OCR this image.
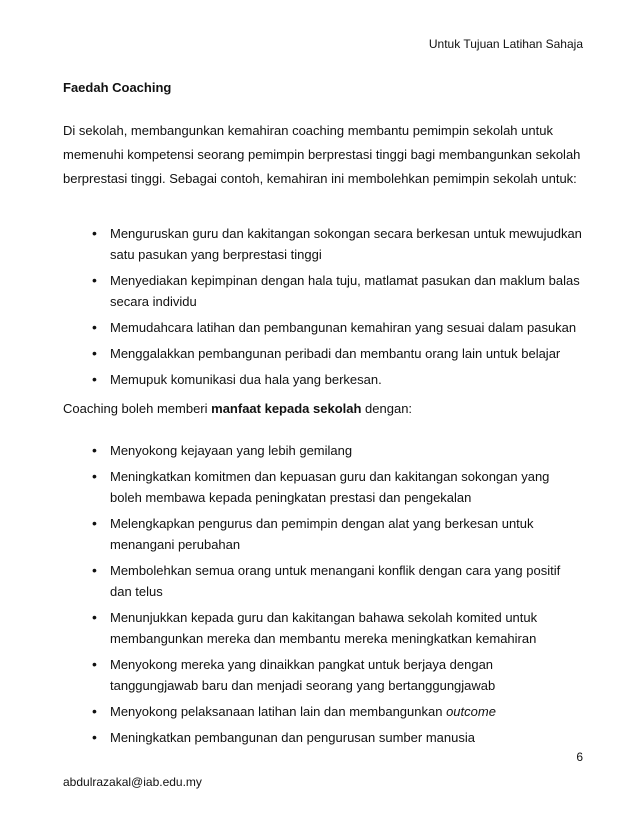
Untuk Tujuan Latihan Sahaja
Faedah Coaching
Di sekolah, membangunkan kemahiran coaching membantu pemimpin sekolah untuk memenuhi kompetensi seorang pemimpin berprestasi tinggi bagi membangunkan sekolah berprestasi tinggi. Sebagai contoh, kemahiran ini membolehkan pemimpin sekolah untuk:
• Menguruskan guru dan kakitangan sokongan secara berkesan untuk mewujudkan satu pasukan yang berprestasi tinggi
• Menyediakan kepimpinan dengan hala tuju, matlamat pasukan dan maklum balas secara individu
• Memudahcara latihan dan pembangunan kemahiran yang sesuai dalam pasukan
• Menggalakkan pembangunan peribadi dan membantu orang lain untuk belajar
• Memupuk komunikasi dua hala yang berkesan.
Coaching boleh memberi manfaat kepada sekolah dengan:
• Menyokong kejayaan yang lebih gemilang
• Meningkatkan komitmen dan kepuasan guru dan kakitangan sokongan yang boleh membawa kepada peningkatan prestasi dan pengekalan
• Melengkapkan pengurus dan pemimpin dengan alat yang berkesan untuk menangani perubahan
• Membolehkan semua orang untuk menangani konflik dengan cara yang positif dan telus
• Menunjukkan kepada guru dan kakitangan bahawa sekolah komited untuk membangunkan mereka dan membantu mereka meningkatkan kemahiran
• Menyokong mereka yang dinaikkan pangkat untuk berjaya dengan tanggungjawab baru dan menjadi seorang yang bertanggungjawab
• Menyokong pelaksanaan latihan lain dan membangunkan outcome
• Meningkatkan pembangunan dan pengurusan sumber manusia
6
abdulrazakal@iab.edu.my
